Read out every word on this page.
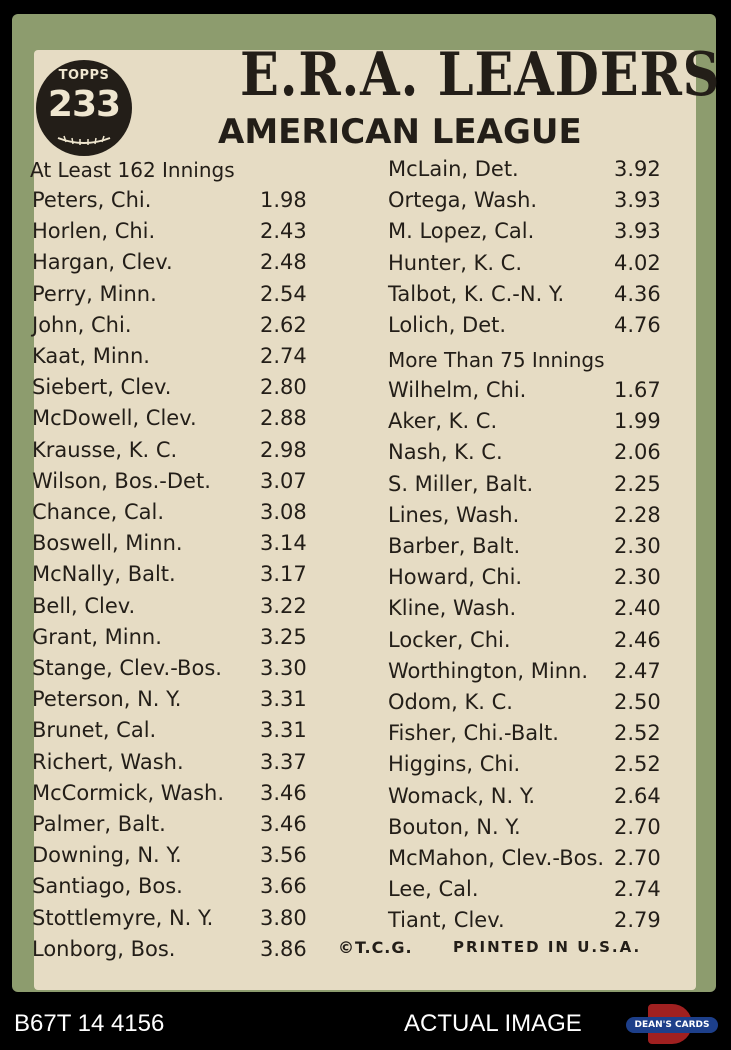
TOPPS
233 E.R.A. LEADERS
AMERICAN LEAGUE
At Least 162 Innings
Peters, Chi.	1.98
Horlen, Chi.	2.43
Hargan, Clev.	2.48
Perry, Minn.	2.54
John, Chi.	2.62
Kaat, Minn.	2.74
Siebert, Clev.	2.80
McDowell, Clev.	2.88
Krausse, K. C.	2.98
Wilson, Bos.-Det. 3.07
Chance, Cal.	3.08
Boswell, Minn.	3.14
McNally, Balt.	3.17
Bell, Clev.	3.22
Grant, Minn.	3.25
Stange, Clev.-Bos. 3.30
Peterson, N. Y.	3.31
Brunet, Cal.	3.31
Richert, Wash.	3.37
McCormick, Wash. 3.46
Palmer, Balt.	3.46
Downing, N. Y.	3.56
Santiago, Bos.	3.66
Stottlemyre, N. Y. 3.80
Lonborg, Bos.	3.86
McLain, Det.	3.92
Ortega, Wash.	3.93
M. Lopez, Cal.	3.93
Hunter, K. C.	4.02
Talbot, K. C.-N. Y. 4.36
Lolich, Det.	4.76
More Than 75 Innings
Wilhelm, Chi.	1.67
Aker, K. C.	1.99
Nash, K. C.	2.06
S. Miller, Balt.	2.25
Lines, Wash.	2.28
Barber, Balt.	2.30
Howard, Chi.	2.30
Kline, Wash.	2.40
Locker, Chi.	2.46
Worthington, Minn. 2.47
Odom, K. C.	2.50
Fisher, Chi.-Balt.	2.52
Higgins, Chi.	2.52
Womack, N. Y.	2.64
Bouton, N. Y.	2.70
McMahon, Clev.-Bos. 2.70
Lee, Cal.	2.74
Tiant, Clev.	2.79
©T.C.G.	PRINTED IN U.S.A.
B67T 14 4156	ACTUAL IMAGE	DEAN'S CARDS
